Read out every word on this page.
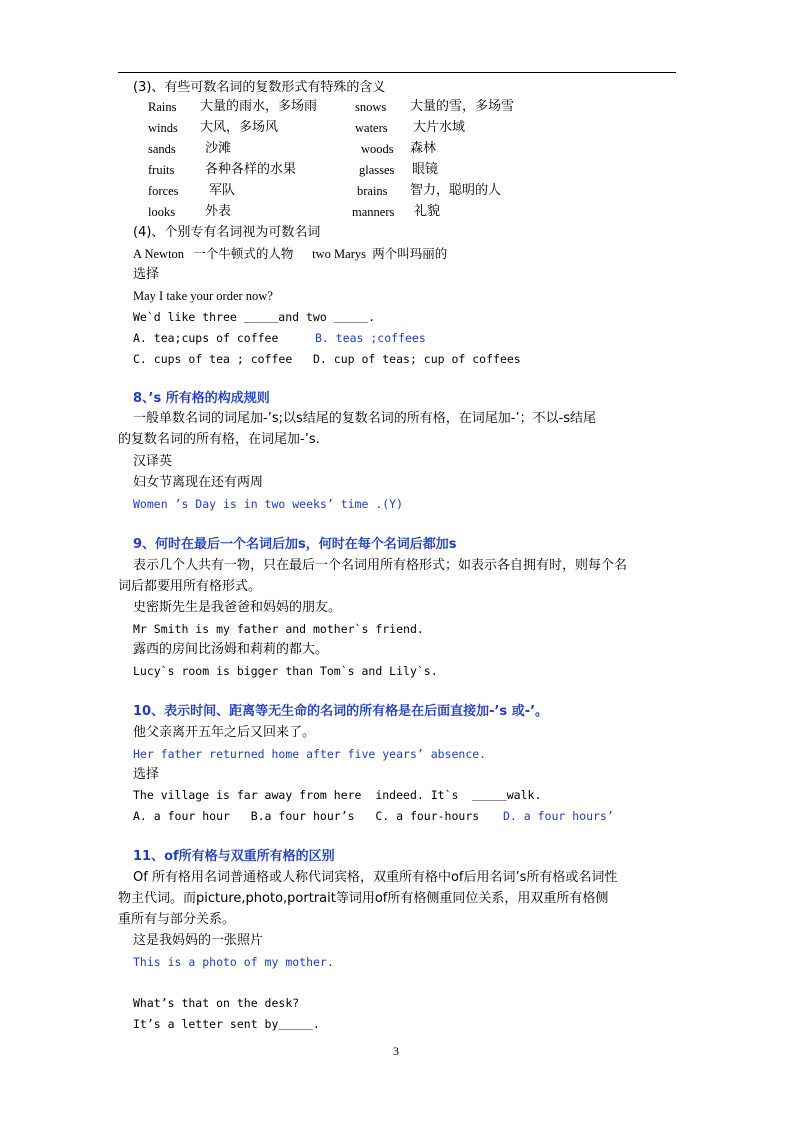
(3)、有些可数名词的复数形式有特殊的含义
Rains 大量的雨水，多场雨	snows 大量的雪，多场雪
winds 大风，多场风	waters 大片水域
sands 沙滩	woods 森林
fruits 各种各样的水果	glasses 眼镜
forces 军队	brains 智力，聪明的人
looks 外表	manners 礼貌
(4)、个别专有名词视为可数名词
A Newton   一个牛顿式的人物      two Marys  两个叫玛丽的
选择
May I take your order now?
We`d like three ＿＿＿and two ＿＿＿.
A. tea;cups of coffee	B. teas ;coffees
C. cups of tea ; coffee   D. cup of teas; cup of coffees
8、’s 所有格的构成规则
一般单数名词的词尾加-’s;以s结尾的复数名词的所有格，在词尾加-’；不以-s结尾
的复数名词的所有格，在词尾加-’s.
汉译英
妇女节离现在还有两周
Women ’s Day is in two weeks’ time .(Y)
9、何时在最后一个名词后加s，何时在每个名词后都加s
表示几个人共有一物，只在最后一个名词用所有格形式；如表示各自拥有时，则每个名
词后都要用所有格形式。
史密斯先生是我爸爸和妈妈的朋友。
Mr Smith is my father and mother`s friend.
露西的房间比汤姆和莉莉的都大。
Lucy`s room is bigger than Tom`s and Lily`s.
10、表示时间、距离等无生命的名词的所有格是在后面直接加-’s 或-’。
他父亲离开五年之后又回来了。
Her father returned home after five years’ absence.
选择
The village is far away from here  indeed. It`s  ＿＿＿walk.
A. a four hour   B.a four hour’s   C. a four-hours D. a four hours’
11、of所有格与双重所有格的区别
Of 所有格用名词普通格或人称代词宾格，双重所有格中of后用名词’s所有格或名词性
物主代词。而picture,photo,portrait等词用of所有格侧重同位关系，用双重所有格侧
重所有与部分关系。
这是我妈妈的一张照片
This is a photo of my mother.
What’s that on the desk?
It’s a letter sent by＿＿＿.
3
